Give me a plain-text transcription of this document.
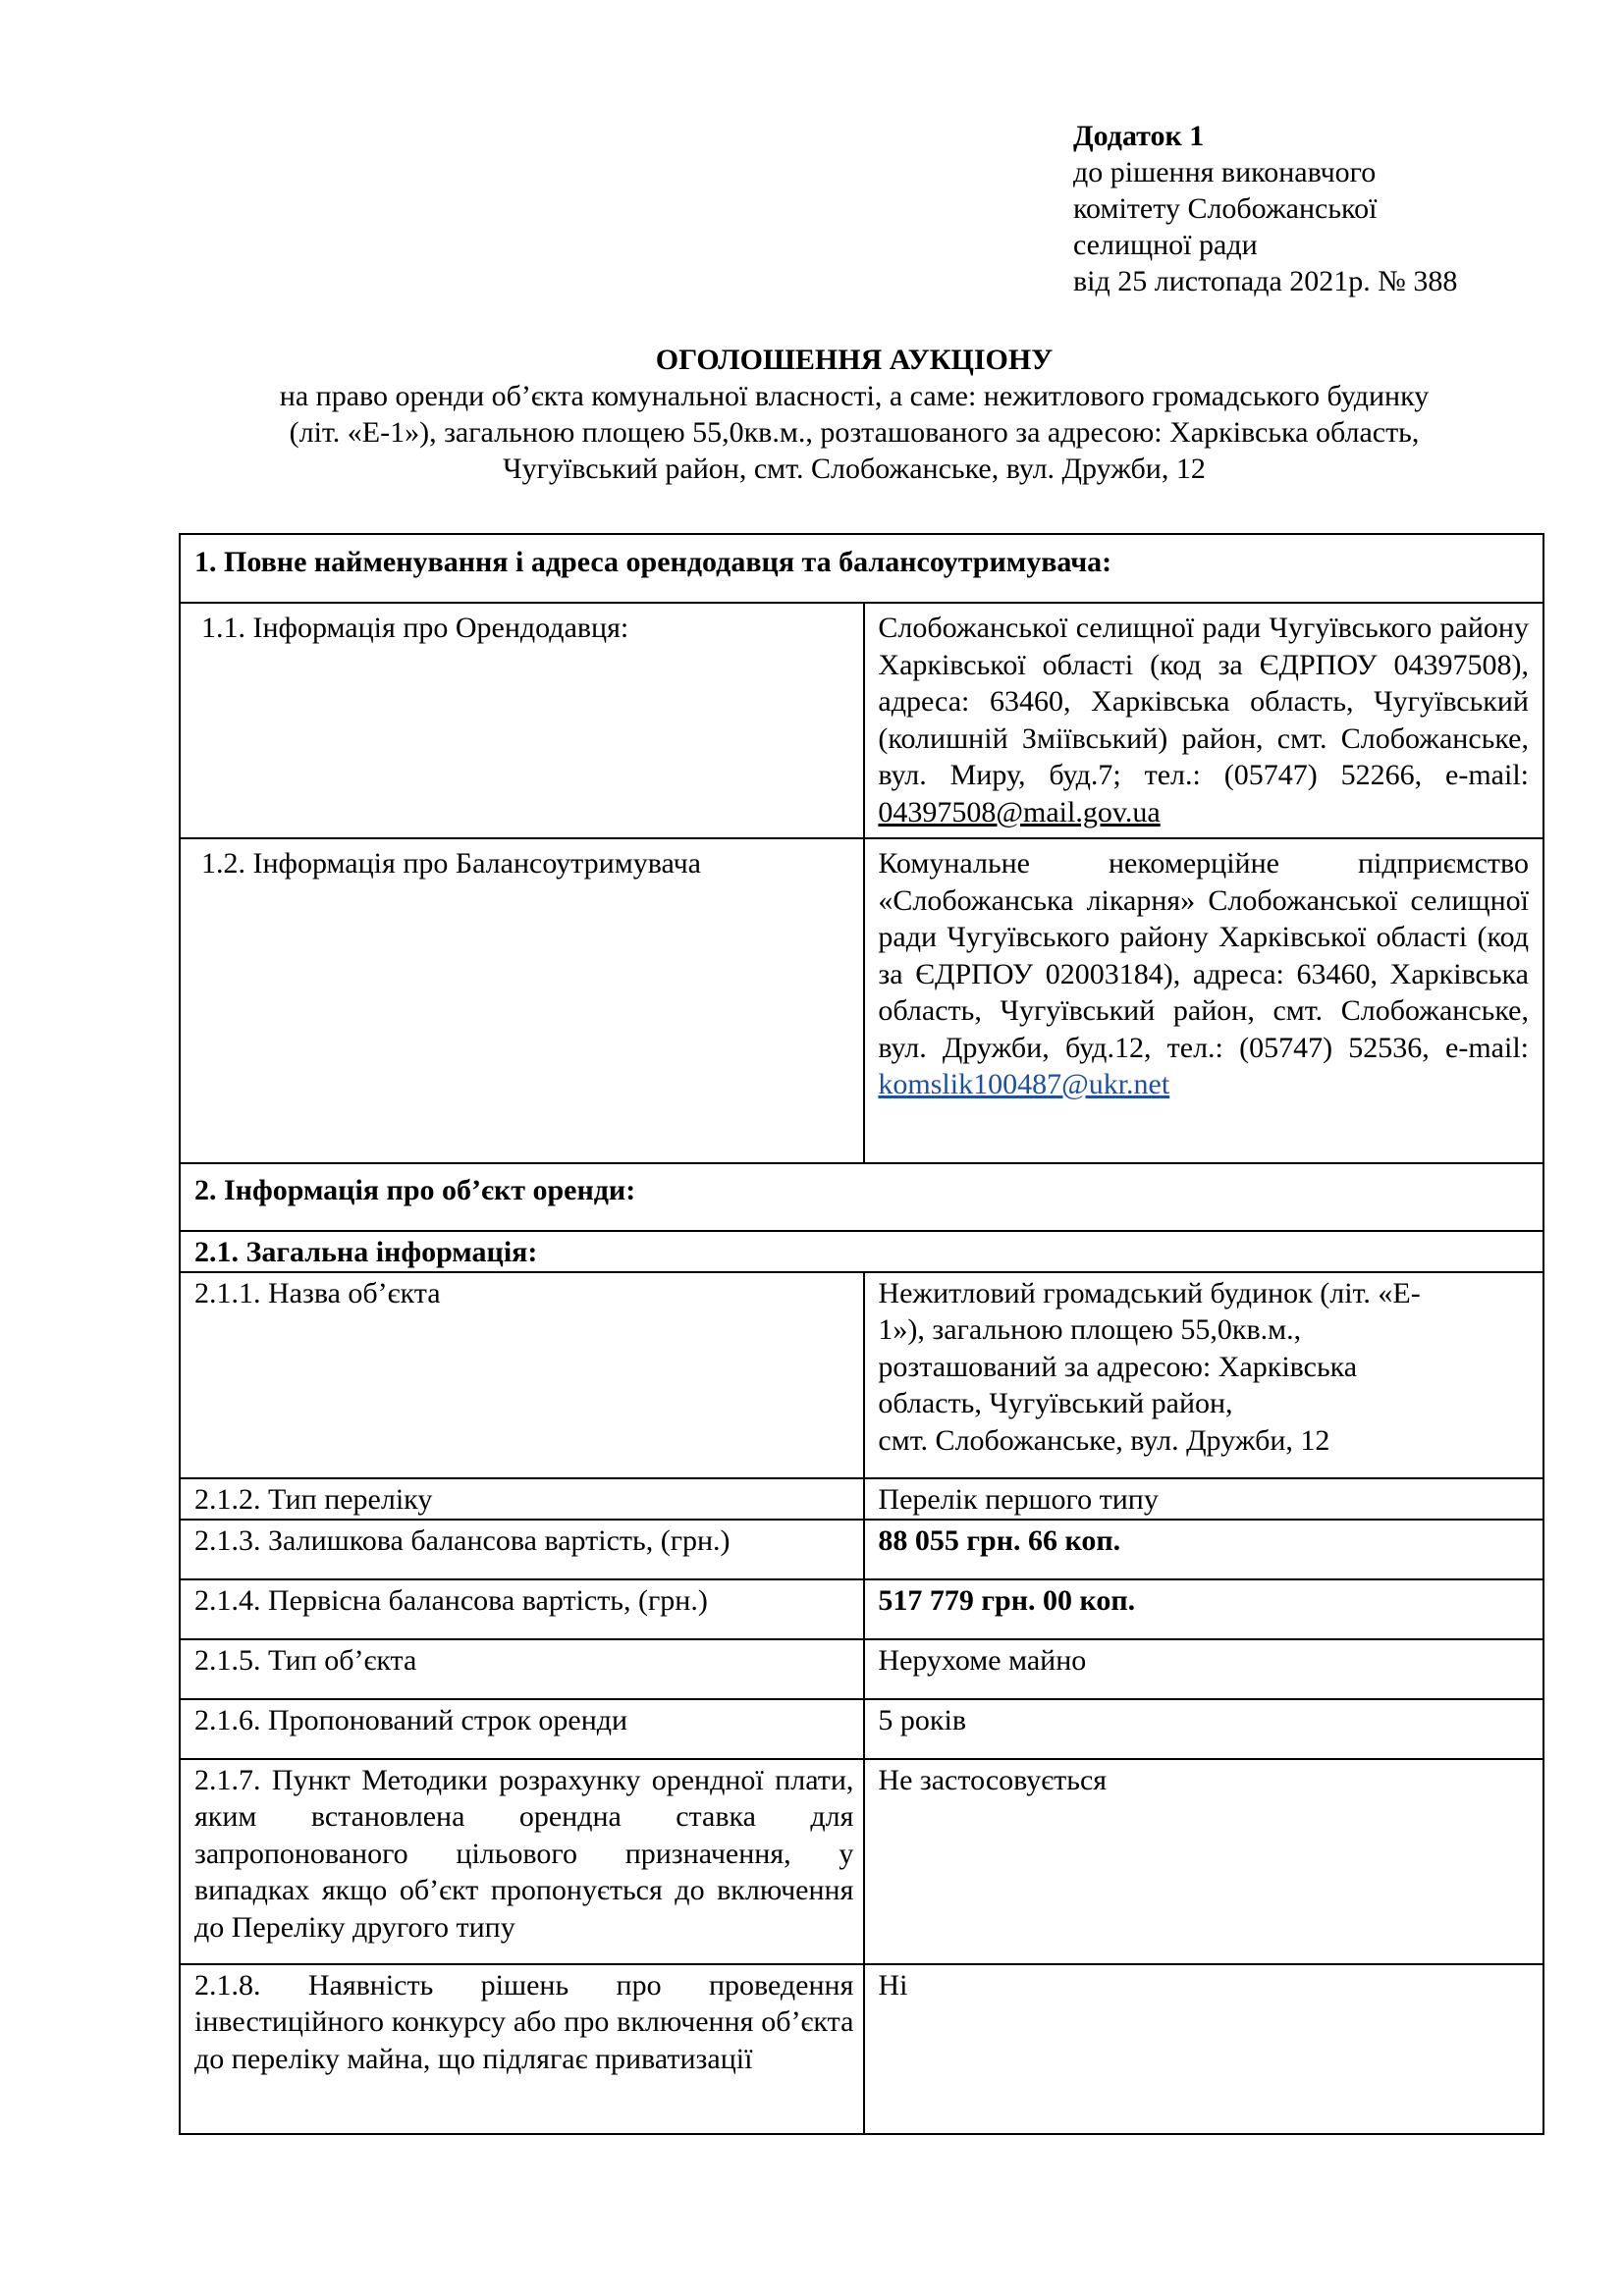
Додаток 1
до рішення виконавчого
комітету Слобожанської
селищної ради
від 25 листопада 2021р. № 388
ОГОЛОШЕННЯ АУКЦІОНУ
на право оренди об’єкта комунальної власності, а саме: нежитлового громадського будинку
(літ. «Е-1»), загальною площею 55,0кв.м., розташованого за адресою: Харківська область,
Чугуївський район, смт. Слобожанське, вул. Дружби, 12
1. Повне найменування і адреса орендодавця та балансоутримувача:	

1.1. Інформація про Орендодавця:	Слобожанської селищної ради Чугуївського району Харківської області (код за ЄДРПОУ 04397508), адреса: 63460, Харківська область, Чугуївський (колишній Зміївський) район, смт. Слобожанське, вул. Миру, буд.7; тел.: (05747) 52266, e-mail: 04397508@mail.gov.ua

1.2. Інформація про Балансоутримувача	Комунальне некомерційне підприємство «Слобожанська лікарня» Слобожанської селищної ради Чугуївського району Харківської області (код за ЄДРПОУ 02003184), адреса: 63460, Харківська область, Чугуївський район, смт. Слобожанське, вул. Дружби, буд.12, тел.: (05747) 52536, e-mail: komslik100487@ukr.net

2. Інформація про об’єкт оренди:	

2.1. Загальна інформація:	

2.1.1. Назва об’єкта	Нежитловий громадський будинок (літ. «Е-
1»), загальною площею 55,0кв.м.,
розташований за адресою: Харківська
область, Чугуївський район,
смт. Слобожанське, вул. Дружби, 12

2.1.2. Тип переліку	Перелік першого типу

2.1.3. Залишкова балансова вартість, (грн.)	88 055 грн. 66 коп.

2.1.4. Первісна балансова вартість, (грн.)	517 779 грн. 00 коп.

2.1.5. Тип об’єкта	Нерухоме майно

2.1.6. Пропонований строк оренди	5 років

2.1.7. Пункт Методики розрахунку орендної плати, яким встановлена орендна ставка для запропонованого цільового призначення, у випадках якщо об’єкт пропонується до включення до Переліку другого типу	Не застосовується

2.1.8. Наявність рішень про проведення інвестиційного конкурсу або про включення об’єкта до переліку майна, що підлягає приватизації	Ні
